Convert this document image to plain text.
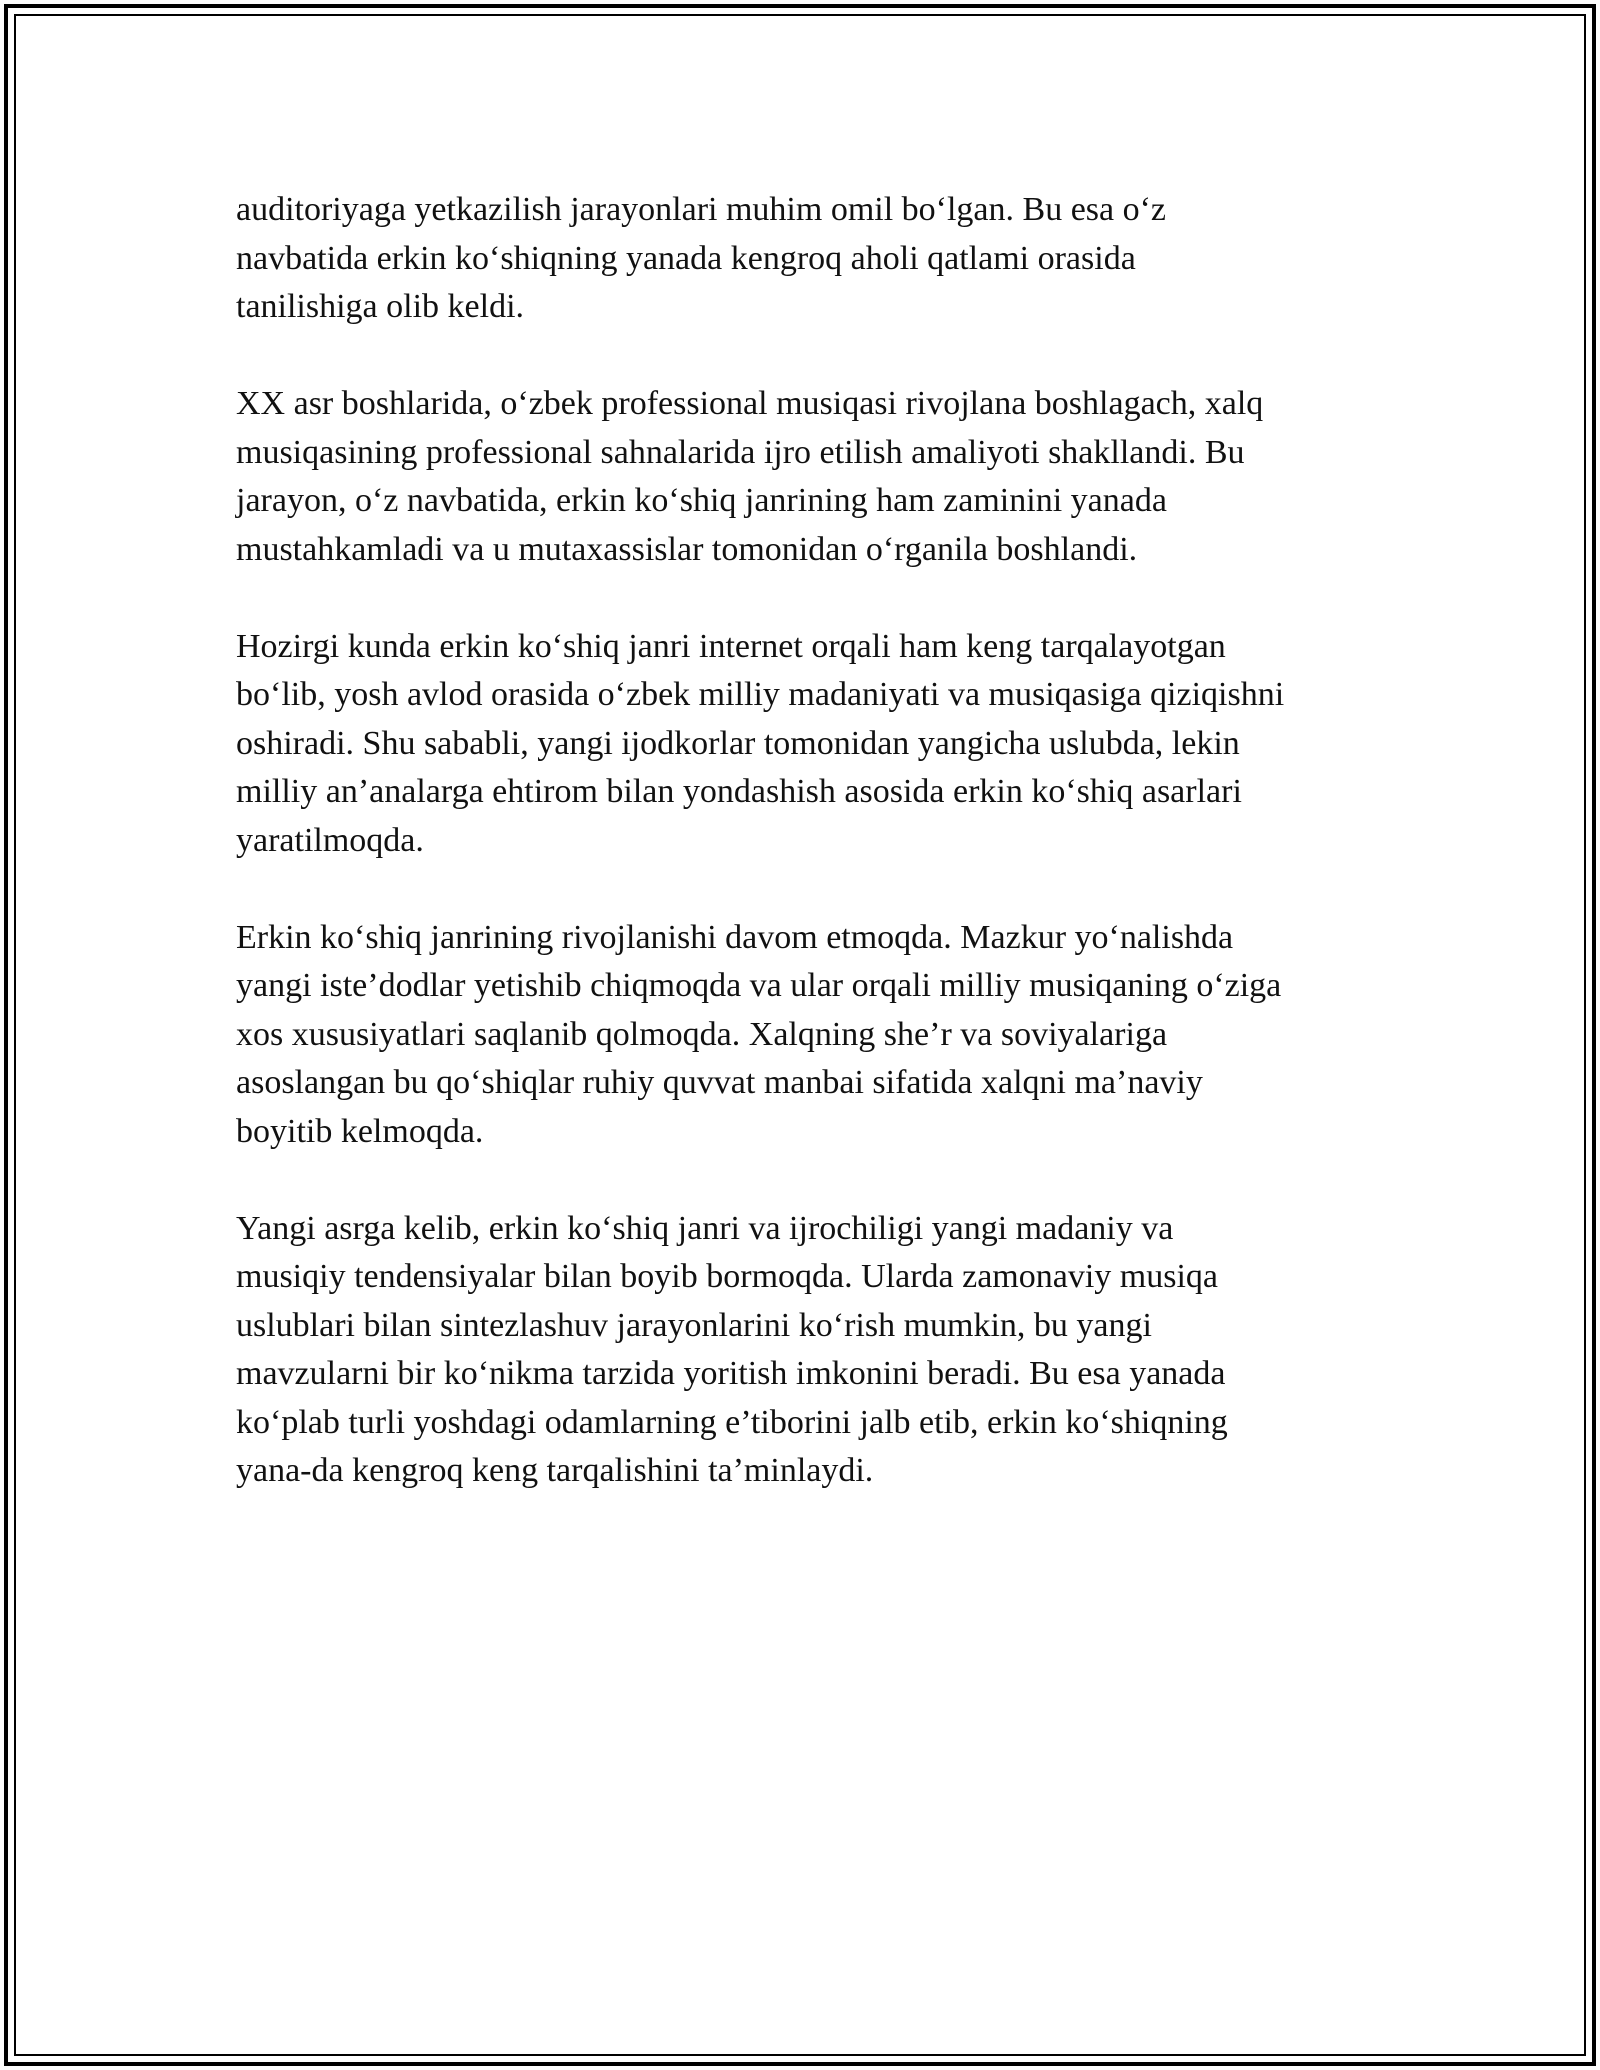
auditoriyaga yetkazilish jarayonlari muhim omil bo‘lgan. Bu esa o‘z
navbatida erkin ko‘shiqning yanada kengroq aholi qatlami orasida
tanilishiga olib keldi.

XX asr boshlarida, o‘zbek professional musiqasi rivojlana boshlagach, xalq
musiqasining professional sahnalarida ijro etilish amaliyoti shakllandi. Bu
jarayon, o‘z navbatida, erkin ko‘shiq janrining ham zaminini yanada
mustahkamladi va u mutaxassislar tomonidan o‘rganila boshlandi.

Hozirgi kunda erkin ko‘shiq janri internet orqali ham keng tarqalayotgan
bo‘lib, yosh avlod orasida o‘zbek milliy madaniyati va musiqasiga qiziqishni
oshiradi. Shu sababli, yangi ijodkorlar tomonidan yangicha uslubda, lekin
milliy an’analarga ehtirom bilan yondashish asosida erkin ko‘shiq asarlari
yaratilmoqda.

Erkin ko‘shiq janrining rivojlanishi davom etmoqda. Mazkur yo‘nalishda
yangi iste’dodlar yetishib chiqmoqda va ular orqali milliy musiqaning o‘ziga
xos xususiyatlari saqlanib qolmoqda. Xalqning she’r va soviyalariga
asoslangan bu qo‘shiqlar ruhiy quvvat manbai sifatida xalqni ma’naviy
boyitib kelmoqda.

Yangi asrga kelib, erkin ko‘shiq janri va ijrochiligi yangi madaniy va
musiqiy tendensiyalar bilan boyib bormoqda. Ularda zamonaviy musiqa
uslublari bilan sintezlashuv jarayonlarini ko‘rish mumkin, bu yangi
mavzularni bir ko‘nikma tarzida yoritish imkonini beradi. Bu esa yanada
ko‘plab turli yoshdagi odamlarning e’tiborini jalb etib, erkin ko‘shiqning
yana-da kengroq keng tarqalishini ta’minlaydi.
